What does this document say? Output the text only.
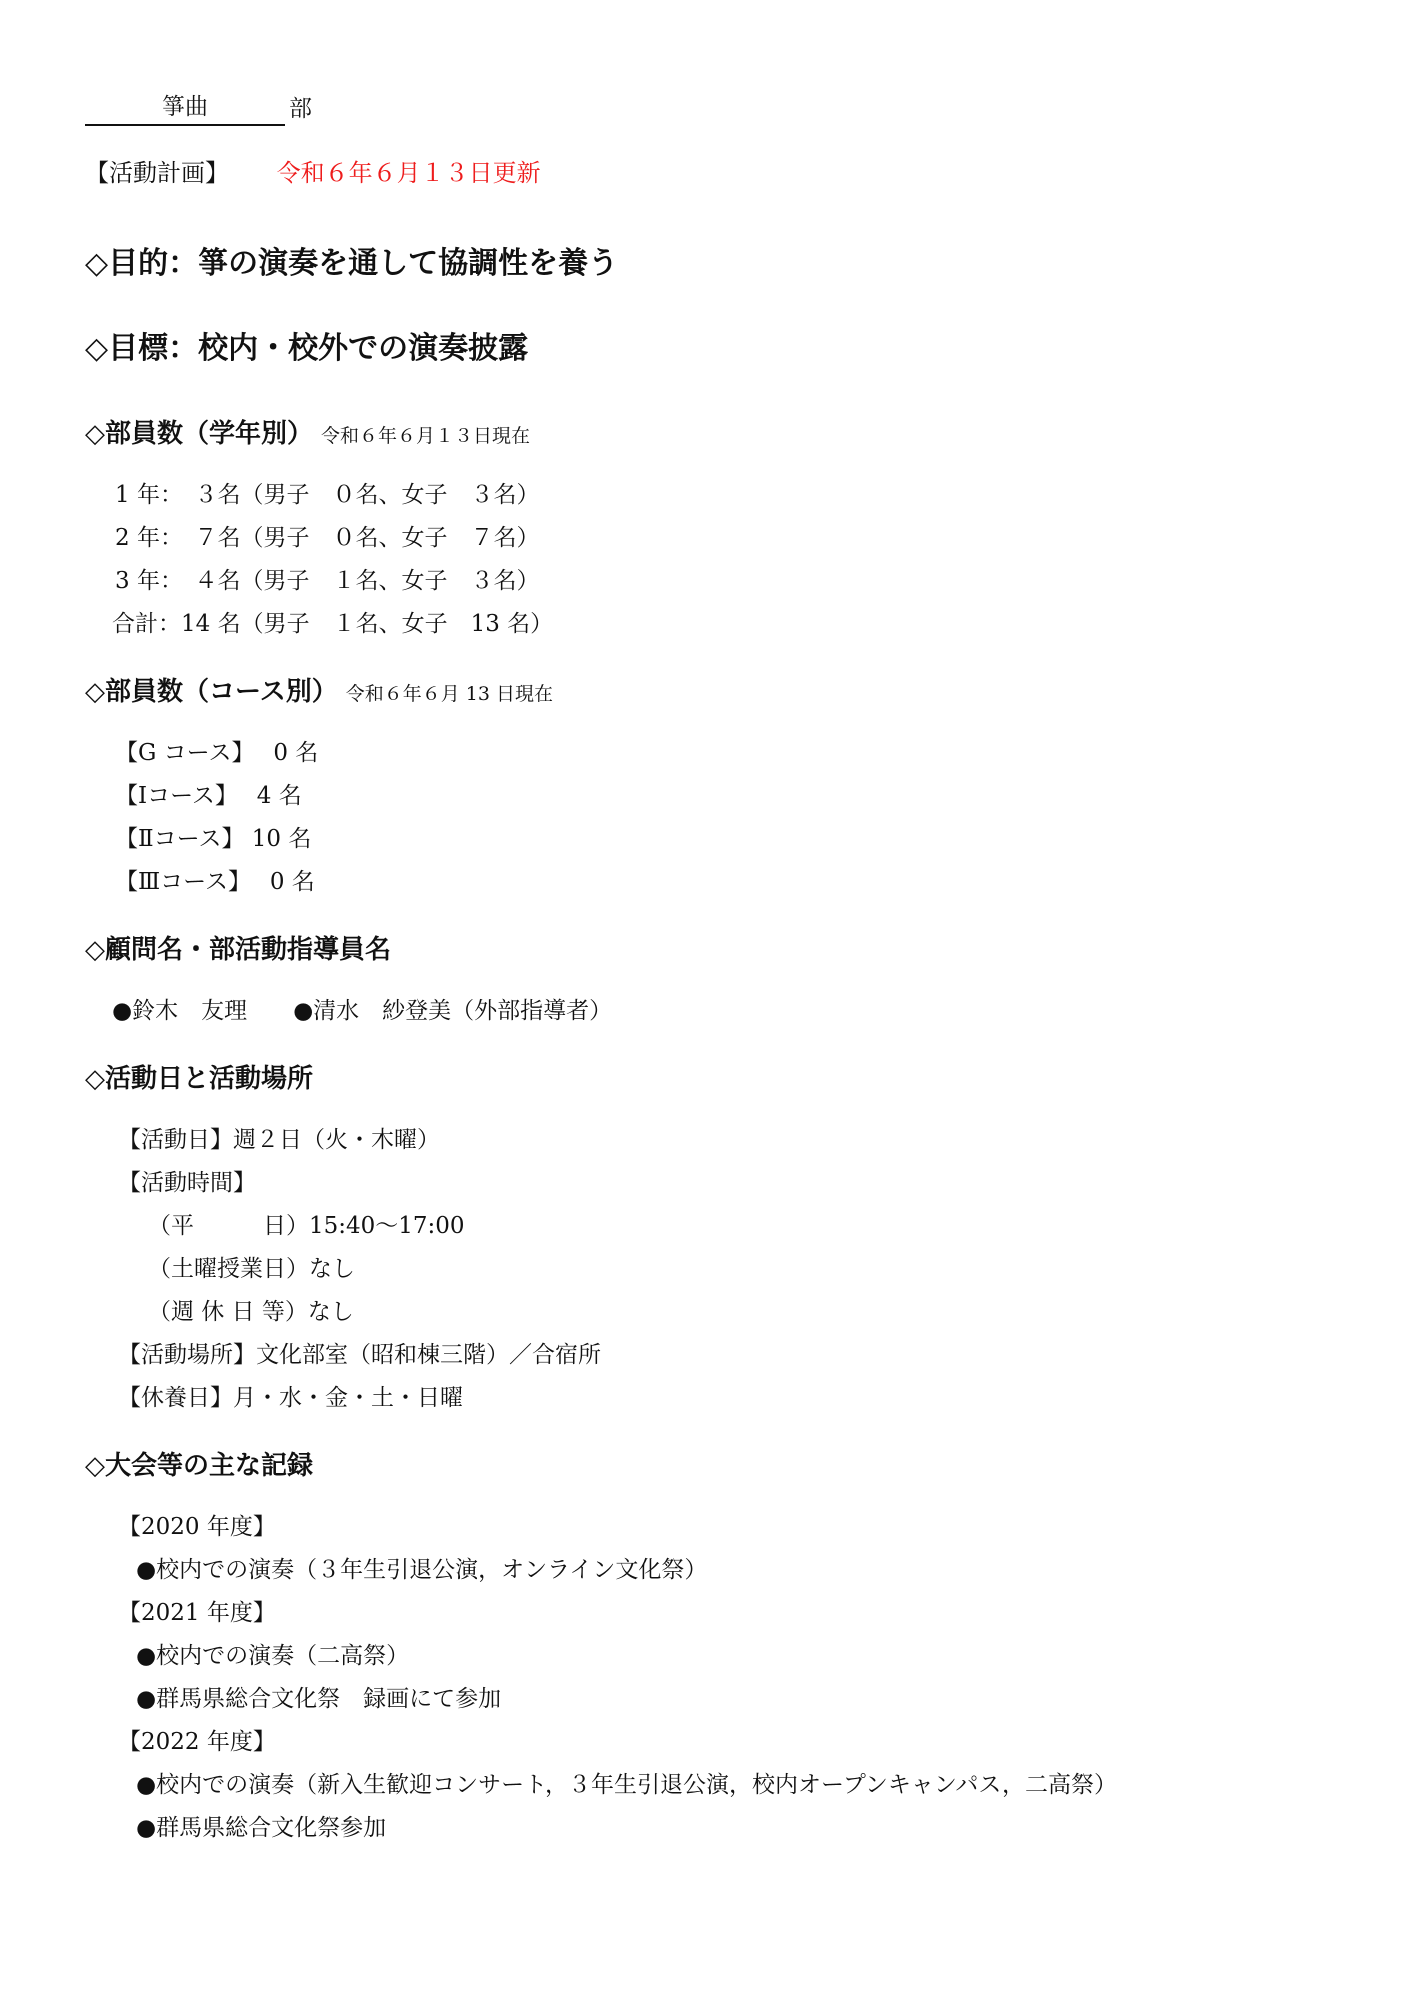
箏曲	部
【活動計画】 令和６年６月１３日更新
◇目的：箏の演奏を通して協調性を養う
◇目標：校内・校外での演奏披露
◇部員数（学年別） 令和６年６月１３日現在
1 年：　３名（男子　０名、女子　３名）
2 年：　７名（男子　０名、女子　７名）
3 年：　４名（男子　１名、女子　３名）
合計：14 名（男子　１名、女子　13 名）
◇部員数（コース別） 令和６年６月 13 日現在
【G コース】　 0 名
【Ⅰコース】　 4 名
【Ⅱコース】 10 名
【Ⅲコース】　 0 名
◇顧問名・部活動指導員名
●鈴木　友理　　●清水　紗登美（外部指導者）
◇活動日と活動場所
【活動日】週２日（火・木曜）
【活動時間】
（平　　　日）15:40〜17:00
（土曜授業日）なし
（週 休 日 等）なし
【活動場所】文化部室（昭和棟三階）／合宿所
【休養日】月・水・金・土・日曜
◇大会等の主な記録
【2020 年度】
●校内での演奏（３年生引退公演，オンライン文化祭）
【2021 年度】
●校内での演奏（二高祭）
●群馬県総合文化祭　録画にて参加
【2022 年度】
●校内での演奏（新入生歓迎コンサート，３年生引退公演，校内オープンキャンパス，二高祭）
●群馬県総合文化祭参加
